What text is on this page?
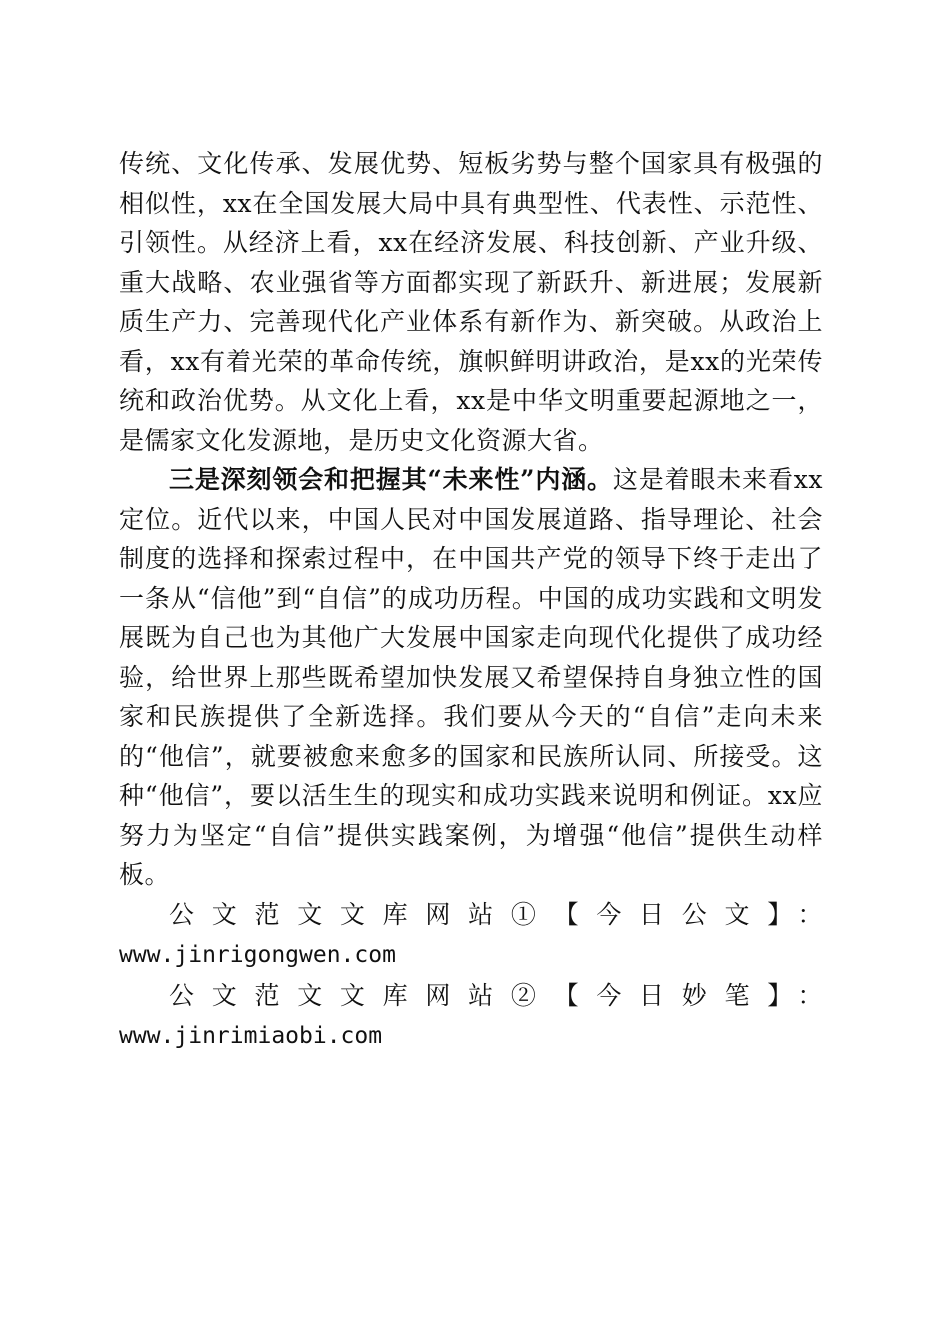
传统、文化传承、发展优势、短板劣势与整个国家具有极强的相似性，xx在全国发展大局中具有典型性、代表性、示范性、引领性。从经济上看，xx在经济发展、科技创新、产业升级、重大战略、农业强省等方面都实现了新跃升、新进展；发展新质生产力、完善现代化产业体系有新作为、新突破。从政治上看，xx有着光荣的革命传统，旗帜鲜明讲政治，是xx的光荣传统和政治优势。从文化上看，xx是中华文明重要起源地之一，是儒家文化发源地，是历史文化资源大省。

三是深刻领会和把握其“未来性”内涵。这是着眼未来看xx定位。近代以来，中国人民对中国发展道路、指导理论、社会制度的选择和探索过程中，在中国共产党的领导下终于走出了一条从“信他”到“自信”的成功历程。中国的成功实践和文明发展既为自己也为其他广大发展中国家走向现代化提供了成功经验，给世界上那些既希望加快发展又希望保持自身独立性的国家和民族提供了全新选择。我们要从今天的“自信”走向未来的“他信”，就要被愈来愈多的国家和民族所认同、所接受。这种“他信”，要以活生生的现实和成功实践来说明和例证。xx应努力为坚定“自信”提供实践案例，为增强“他信”提供生动样板。

公文范文文库网站①【今日公文】：

www.jinrigongwen.com

公文范文文库网站②【今日妙笔】：www.jinrimiaobi.com
